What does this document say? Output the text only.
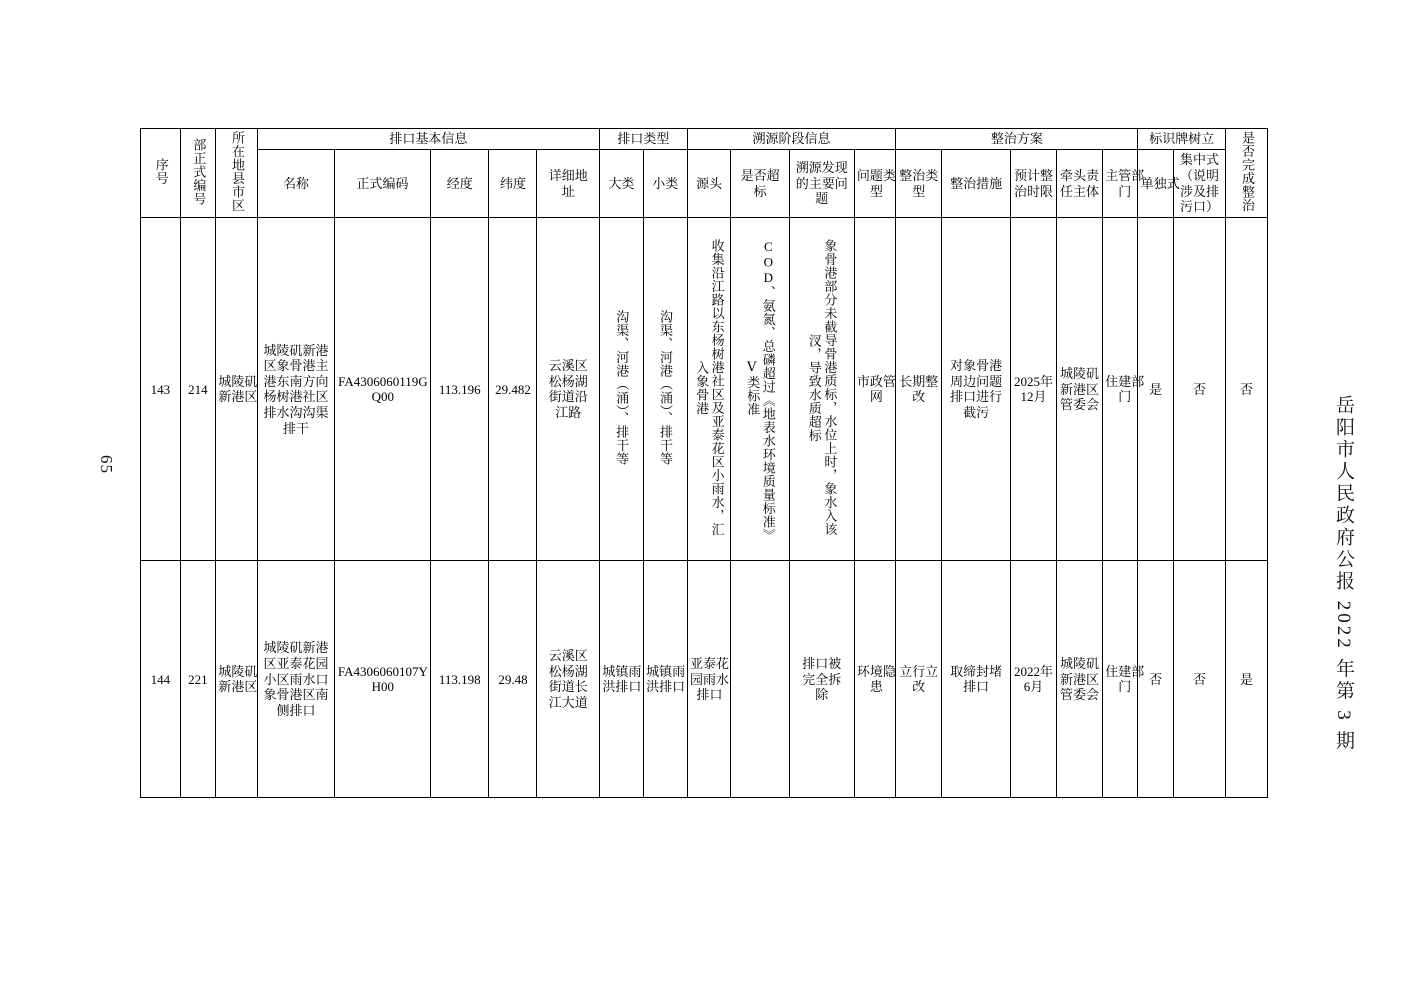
65	岳阳市人民政府公报 2022 年第 3 期
序号	部正式编号	所在地县市区	排口基本信息					排口类型		溯源阶段信息				整治方案					标识牌树立		是否完成整治
			名称	正式编码	经度	纬度	详细地址	大类	小类	源头	是否超标	溯源发现的主要问题	问题类型	整治类型	整治措施	预计整治时限	牵头责任主体	主管部门	单独式	集中式（说明涉及排污口）	
143	214	城陵矶新港区	城陵矶新港区象骨港主港东南方向杨树港社区排水沟沟渠排干	FA4306060119GQ00	113.196	29.482	云溪区松杨湖街道沿江路	沟渠、河港（涌）、排干等	沟渠、河港（涌）、排干等	收集沿江路以东杨树港社区及亚泰花区小雨水，汇入象骨港	COD、氨氮、总磷超过《地表水环境质量标准》Ⅴ类标准	象骨港部分未截导骨港质标，水位上时，象水入该汊，导致水质超标	市政管网	长期整改	对象骨港周边问题排口进行截污	2025年 12月	城陵矶新港区管委会	住建部门	是	否	否
144	221	城陵矶新港区	城陵矶新港区亚泰花园小区雨水口象骨港区南侧排口	FA4306060107YH00	113.198	29.48	云溪区松杨湖街道长江大道	城镇雨洪排口	城镇雨洪排口	亚泰花园雨水排口		排口被完全拆除	环境隐患	立行立改	取缔封堵排口	2022年 6月	城陵矶新港区管委会	住建部门	否	否	是
